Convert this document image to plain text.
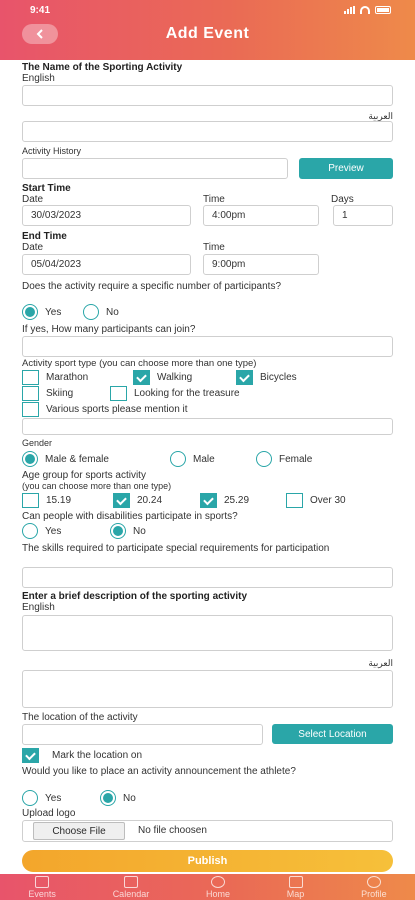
9:41
Add Event
The Name of the Sporting Activity
English
العربية
Activity History
Preview
Start Time
Date	Time	Days
30/03/2023	4:00pm	1
End Time
Date	Time
05/04/2023	9:00pm
Does the activity require a specific number of participants?
Yes	No
If yes, How many participants can join?
Activity sport type (you can choose more than one type)
Marathon	Walking	Bicycles
Skiing	Looking for the treasure
Various sports please mention it
Gender
Male & female	Male	Female
Age group for sports activity
(you can choose more than one type)
15.19	20.24	25.29	Over 30
Can people with disabilities participate in sports?
Yes	No
The skills required to participate special requirements for participation
Enter a brief description of the sporting activity
English
العربية
The location of the activity
Select Location
Mark the location on
Would you like to place an activity announcement the athlete?
Yes	No
Upload logo
Choose File	No file choosen
Publish
Events	Calendar	Home	Map	Profile
